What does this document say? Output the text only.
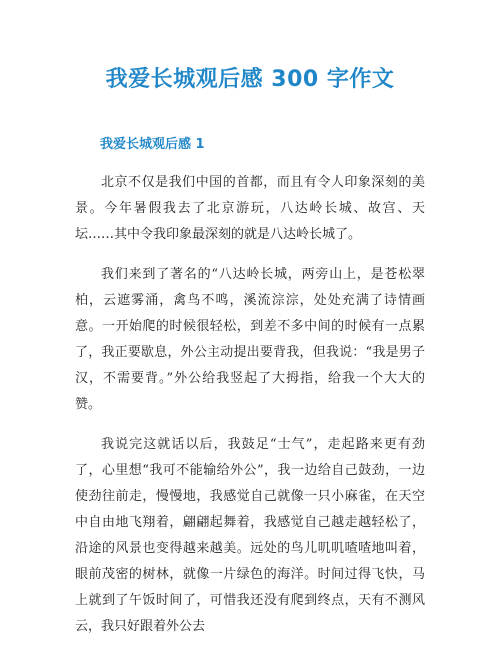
我爱长城观后感 300 字作文
我爱长城观后感 1

北京不仅是我们中国的首都，而且有令人印象深刻的美景。今年暑假我去了北京游玩，八达岭长城、故宫、天坛……其中令我印象最深刻的就是八达岭长城了。

我们来到了著名的“八达岭长城，两旁山上，是苍松翠柏，云遮雾涌，禽鸟不鸣，溪流淙淙，处处充满了诗情画意。一开始爬的时候很轻松，到差不多中间的时候有一点累了，我正要歇息，外公主动提出要背我，但我说：“我是男子汉，不需要背。”外公给我竖起了大拇指，给我一个大大的赞。

我说完这就话以后，我鼓足“士气”，走起路来更有劲了，心里想“我可不能输给外公”，我一边给自己鼓劲，一边使劲往前走，慢慢地，我感觉自己就像一只小麻雀，在天空中自由地飞翔着，翩翩起舞着，我感觉自己越走越轻松了，沿途的风景也变得越来越美。远处的鸟儿叽叽喳喳地叫着，眼前茂密的树林，就像一片绿色的海洋。时间过得飞快，马上就到了午饭时间了，可惜我还没有爬到终点，天有不测风云，我只好跟着外公去
